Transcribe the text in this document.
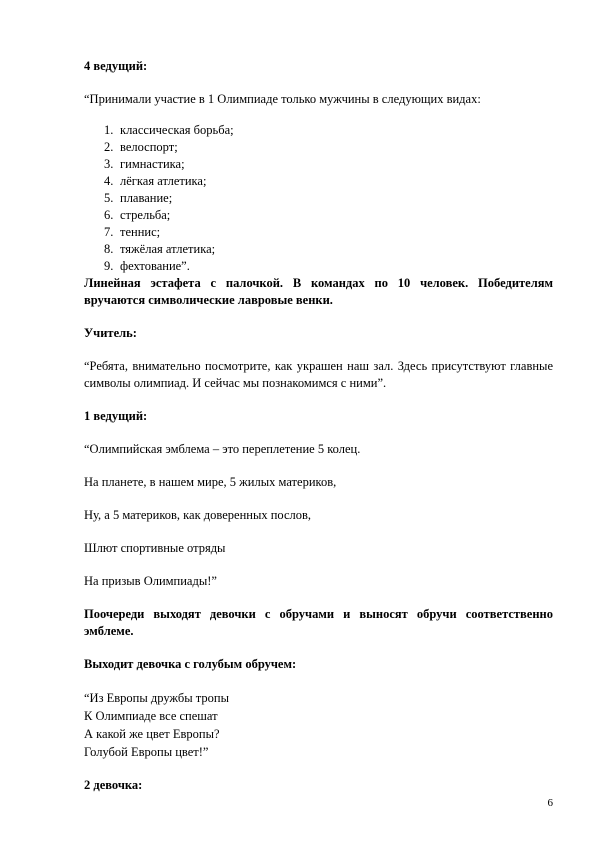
4 ведущий:

“Принимали участие в 1 Олимпиаде только мужчины в следующих видах:

1. классическая борьба;
2. велоспорт;
3. гимнастика;
4. лёгкая атлетика;
5. плавание;
6. стрельба;
7. теннис;
8. тяжёлая атлетика;
9. фехтование”.

Линейная эстафета с палочкой. В командах по 10 человек. Победителям вручаются символические лавровые венки.

Учитель:

“Ребята, внимательно посмотрите, как украшен наш зал. Здесь присутствуют главные символы олимпиад. И сейчас мы познакомимся с ними”.

1 ведущий:

“Олимпийская эмблема – это переплетение 5 колец.

На планете, в нашем мире, 5 жилых материков,

Ну, а 5 материков, как доверенных послов,

Шлют спортивные отряды

На призыв Олимпиады!”

Поочереди выходят девочки с обручами и выносят обручи соответственно эмблеме.

Выходит девочка с голубым обручем:

“Из Европы дружбы тропы

К Олимпиаде все спешат

А какой же цвет Европы?

Голубой Европы цвет!”

2 девочка:

6
